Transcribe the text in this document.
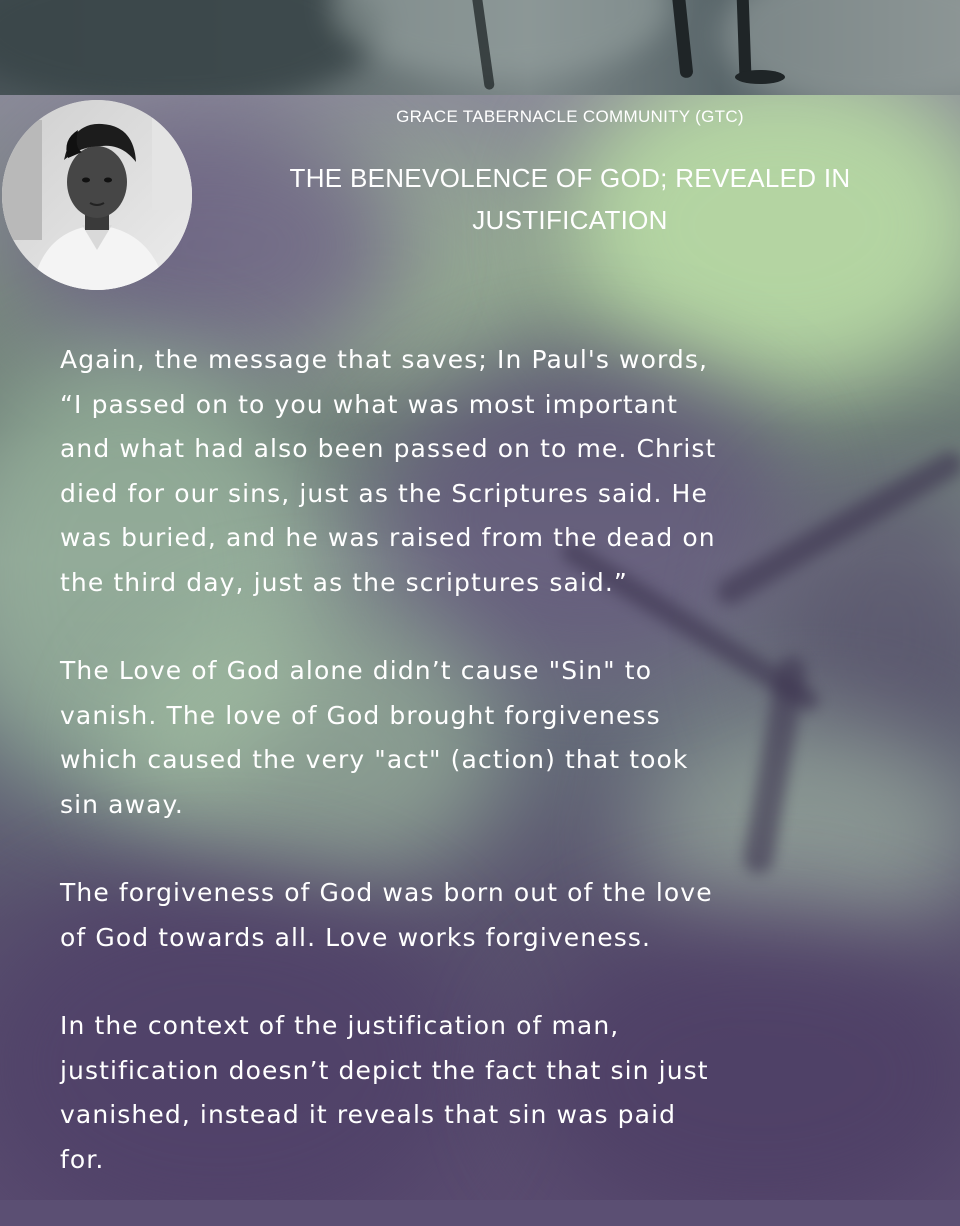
GRACE TABERNACLE COMMUNITY (GTC)

THE BENEVOLENCE OF GOD; REVEALED IN
JUSTIFICATION

Again, the message that saves; In Paul's words,
“I passed on to you what was most important
and what had also been passed on to me. Christ
died for our sins, just as the Scriptures said. He
was buried, and he was raised from the dead on
the third day, just as the scriptures said.”

The Love of God alone didn’t cause "Sin" to
vanish. The love of God brought forgiveness
which caused the very "act" (action) that took
sin away.

The forgiveness of God was born out of the love
of God towards all. Love works forgiveness.

In the context of the justification of man,
justification doesn’t depict the fact that sin just
vanished, instead it reveals that sin was paid
for.
